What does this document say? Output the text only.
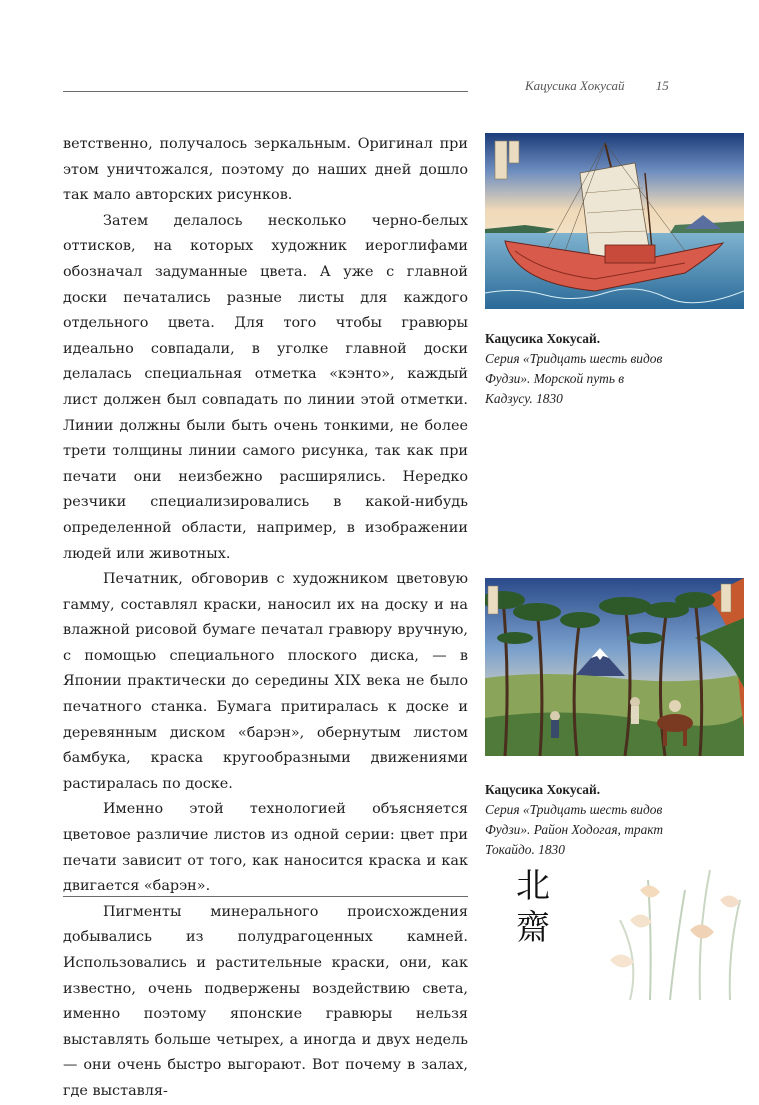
Кацусика Хокусай 15

ветственно, получалось зеркальным. Оригинал при этом уничтожался, поэтому до наших дней дошло так мало авторских рисунков.

Затем делалось несколько черно-белых оттисков, на которых художник иероглифами обозначал задуманные цвета. А уже с главной доски печатались разные листы для каждого отдельного цвета. Для того чтобы гравюры идеально совпадали, в уголке главной доски делалась специальная отметка «кэнто», каждый лист должен был совпадать по линии этой отметки. Линии должны были быть очень тонкими, не более трети толщины линии самого рисунка, так как при печати они неизбежно расширялись. Нередко резчики специализировались в какой-нибудь определенной области, например, в изображении людей или животных.

Печатник, обговорив с художником цветовую гамму, составлял краски, наносил их на доску и на влажной рисовой бумаге печатал гравюру вручную, с помощью специального плоского диска, — в Японии практически до середины XIX века не было печатного станка. Бумага притиралась к доске и деревянным диском «барэн», обернутым листом бамбука, краска кругообразными движениями растиралась по доске.

Именно этой технологией объясняется цветовое различие листов из одной серии: цвет при печати зависит от того, как наносится краска и как двигается «барэн».

Пигменты минерального происхождения добывались из полудрагоценных камней. Использовались и растительные краски, они, как известно, очень подвержены воздействию света, именно поэтому японские гравюры нельзя выставлять больше четырех, а иногда и двух недель — они очень быстро выгорают. Вот почему в залах, где выставля-

Кацусика Хокусай.
Серия «Тридцать шесть видов Фудзи». Морской путь в Кадзусу. 1830
Кацусика Хокусай.
Серия «Тридцать шесть видов Фудзи». Район Ходогая, тракт Токайдо. 1830
北
齋
